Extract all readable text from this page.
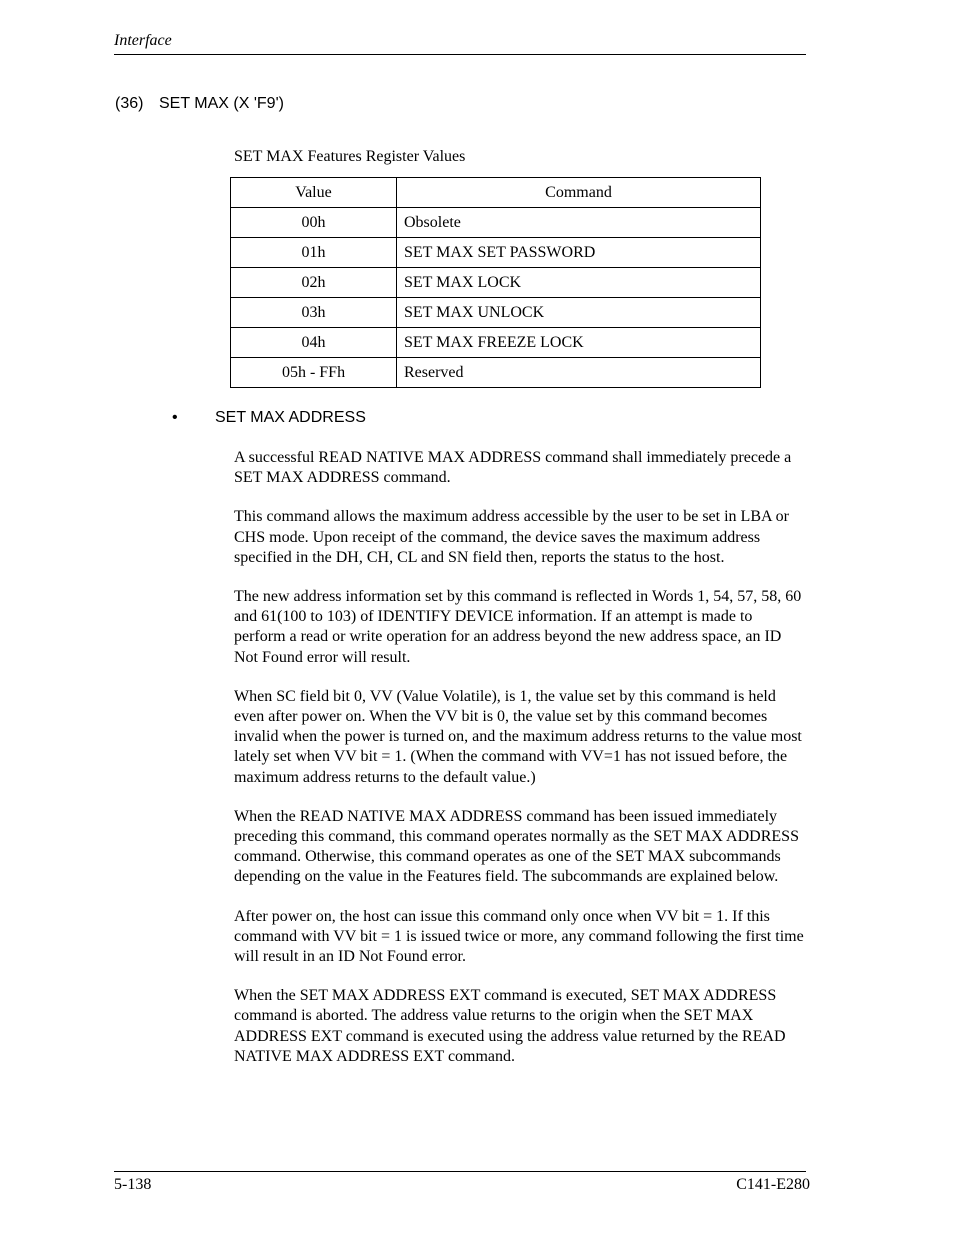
Interface
(36) SET MAX (X 'F9')
SET MAX Features Register Values
Value	Command
00h	Obsolete
01h	SET MAX SET PASSWORD
02h	SET MAX LOCK
03h	SET MAX UNLOCK
04h	SET MAX FREEZE LOCK
05h - FFh	Reserved
• SET MAX ADDRESS

A successful READ NATIVE MAX ADDRESS command shall immediately precede a SET MAX ADDRESS command.

This command allows the maximum address accessible by the user to be set in LBA or CHS mode. Upon receipt of the command, the device saves the maximum address specified in the DH, CH, CL and SN field then, reports the status to the host.

The new address information set by this command is reflected in Words 1, 54, 57, 58, 60 and 61(100 to 103) of IDENTIFY DEVICE information. If an attempt is made to perform a read or write operation for an address beyond the new address space, an ID Not Found error will result.

When SC field bit 0, VV (Value Volatile), is 1, the value set by this command is held even after power on. When the VV bit is 0, the value set by this command becomes invalid when the power is turned on, and the maximum address returns to the value most lately set when VV bit = 1. (When the command with VV=1 has not issued before, the maximum address returns to the default value.)

When the READ NATIVE MAX ADDRESS command has been issued immediately preceding this command, this command operates normally as the SET MAX ADDRESS command. Otherwise, this command operates as one of the SET MAX subcommands depending on the value in the Features field. The subcommands are explained below.

After power on, the host can issue this command only once when VV bit = 1. If this command with VV bit = 1 is issued twice or more, any command following the first time will result in an ID Not Found error.

When the SET MAX ADDRESS EXT command is executed, SET MAX ADDRESS command is aborted. The address value returns to the origin when the SET MAX ADDRESS EXT command is executed using the address value returned by the READ NATIVE MAX ADDRESS EXT command.

5-138	C141-E280
